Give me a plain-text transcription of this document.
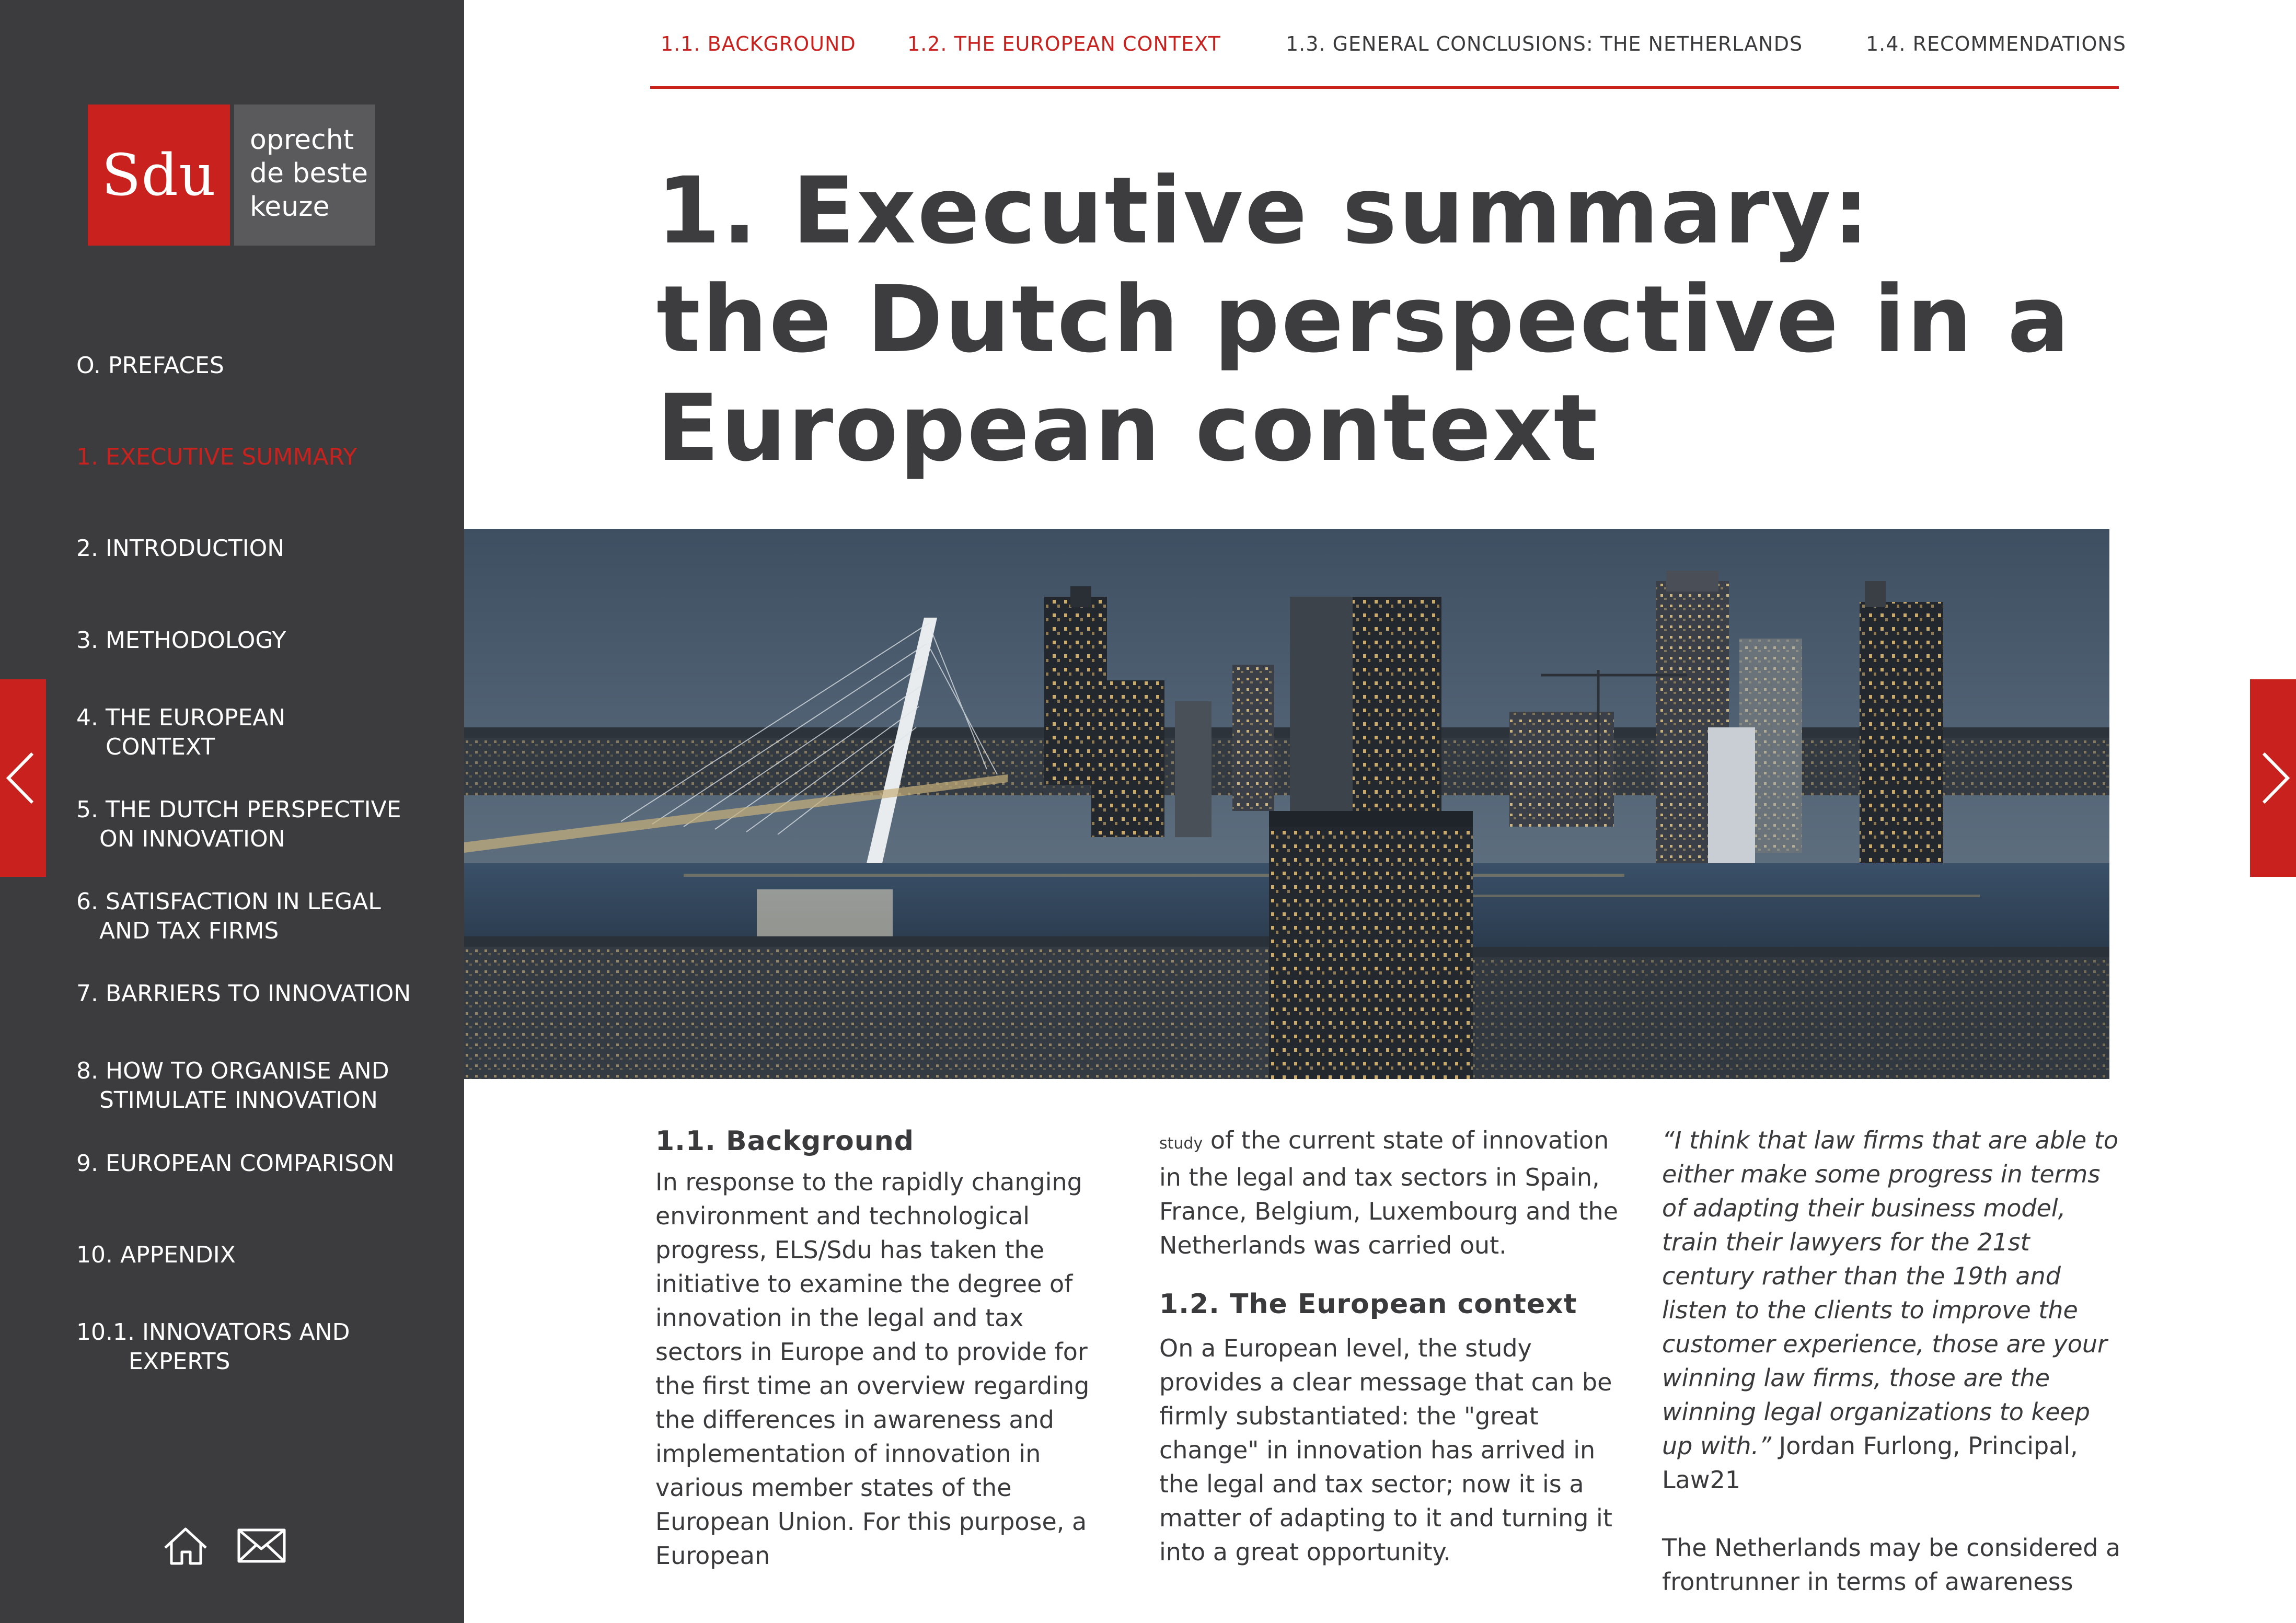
Sdu
oprecht
de beste
keuze
O. PREFACES
1. EXECUTIVE SUMMARY
2. INTRODUCTION
3. METHODOLOGY
4. THE EUROPEAN
CONTEXT
5. THE DUTCH PERSPECTIVE
ON INNOVATION
6. SATISFACTION IN LEGAL
AND TAX FIRMS
7. BARRIERS TO INNOVATION
8. HOW TO ORGANISE AND
STIMULATE INNOVATION
9. EUROPEAN COMPARISON
10. APPENDIX
10.1. INNOVATORS AND
EXPERTS
1.1. BACKGROUND	1.2. THE EUROPEAN CONTEXT	1.3. GENERAL CONCLUSIONS: THE NETHERLANDS	1.4. RECOMMENDATIONS
1. Executive summary:
the Dutch perspective in a
European context
1.1. Background

In response to the rapidly changing environment and technological progress, ELS/Sdu has taken the initiative to examine the degree of innovation in the legal and tax sectors in Europe and to provide for the first time an overview regarding the differences in awareness and implementation of innovation in various member states of the European Union. For this purpose, a European

study of the current state of innovation in the legal and tax sectors in Spain, France, Belgium, Luxembourg and the Netherlands was carried out.

1.2. The European context

On a European level, the study provides a clear message that can be firmly substantiated: the "great change" in innovation has arrived in the legal and tax sector; now it is a matter of adapting to it and turning it into a great opportunity.

“I think that law firms that are able to either make some progress in terms of adapting their business model, train their lawyers for the 21st century rather than the 19th and listen to the clients to improve the customer experience, those are your winning law firms, those are the winning legal organizations to keep up with.” Jordan Furlong, Principal, Law21

The Netherlands may be considered a frontrunner in terms of awareness
